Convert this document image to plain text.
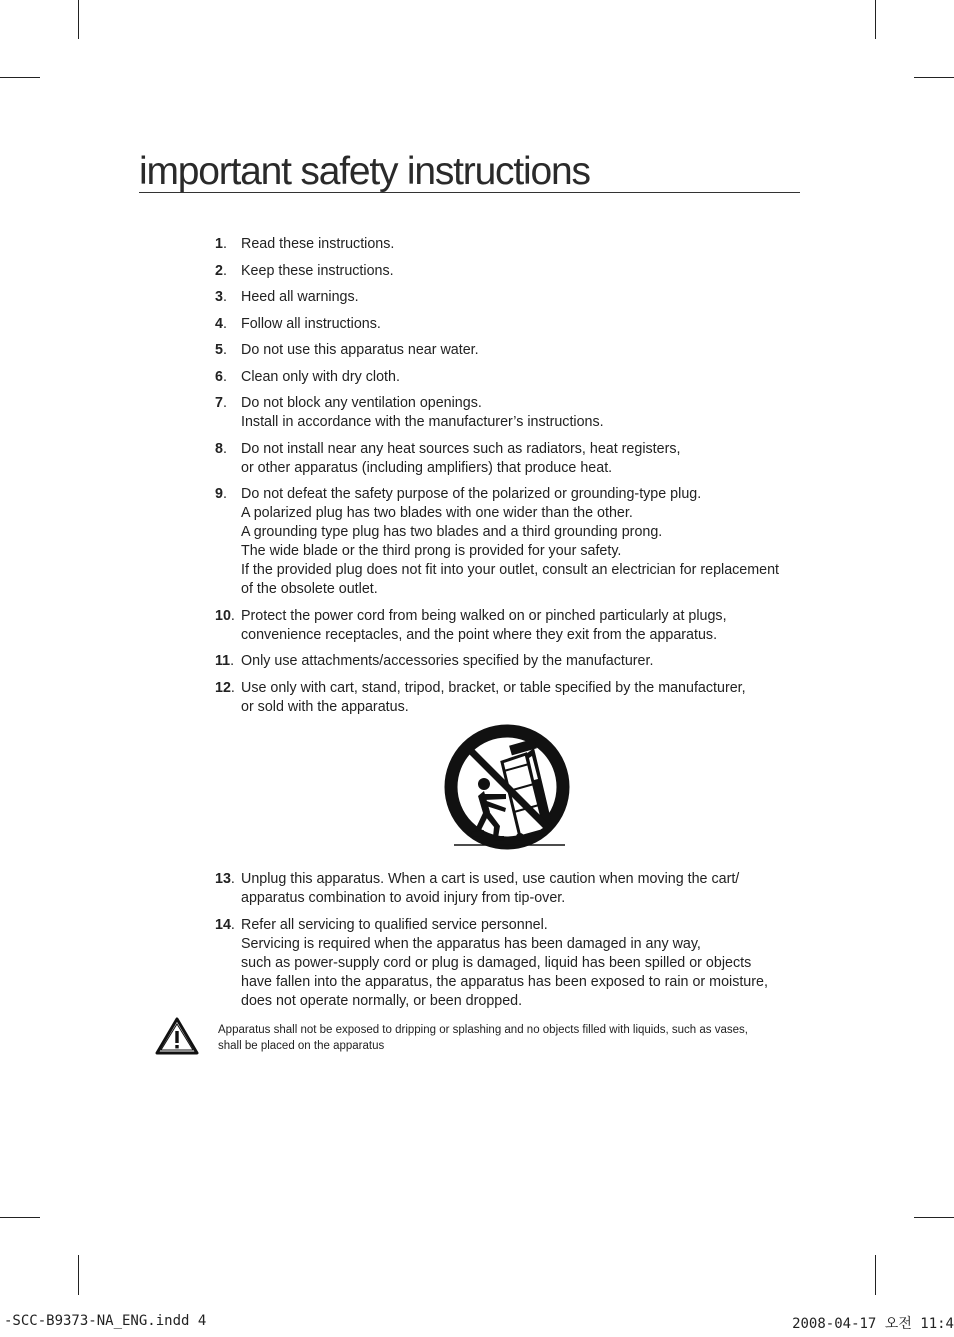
important safety instructions
1. Read these instructions.
2. Keep these instructions.
3. Heed all warnings.
4. Follow all instructions.
5. Do not use this apparatus near water.
6. Clean only with dry cloth.
7. Do not block any ventilation openings.
Install in accordance with the manufacturer’s instructions.
8. Do not install near any heat sources such as radiators, heat registers,
or other apparatus (including amplifiers) that produce heat.
9. Do not defeat the safety purpose of the polarized or grounding-type plug.
A polarized plug has two blades with one wider than the other.
A grounding type plug has two blades and a third grounding prong.
The wide blade or the third prong is provided for your safety.
If the provided plug does not fit into your outlet, consult an electrician for replacement
of the obsolete outlet.
10. Protect the power cord from being walked on or pinched particularly at plugs,
convenience receptacles, and the point where they exit from the apparatus.
11. Only use attachments/accessories specified by the manufacturer.
12. Use only with cart, stand, tripod, bracket, or table specified by the manufacturer,
or sold with the apparatus.
13. Unplug this apparatus. When a cart is used, use caution when moving the cart/
apparatus combination to avoid injury from tip-over.
14. Refer all servicing to qualified service personnel.
Servicing is required when the apparatus has been damaged in any way,
such as power-supply cord or plug is damaged, liquid has been spilled or objects
have fallen into the apparatus, the apparatus has been exposed to rain or moisture,
does not operate normally, or been dropped.
Apparatus shall not be exposed to dripping or splashing and no objects filled with liquids, such as vases,
shall be placed on the apparatus
-SCC-B9373-NA_ENG.indd 4	2008-04-17 오전 11:4
